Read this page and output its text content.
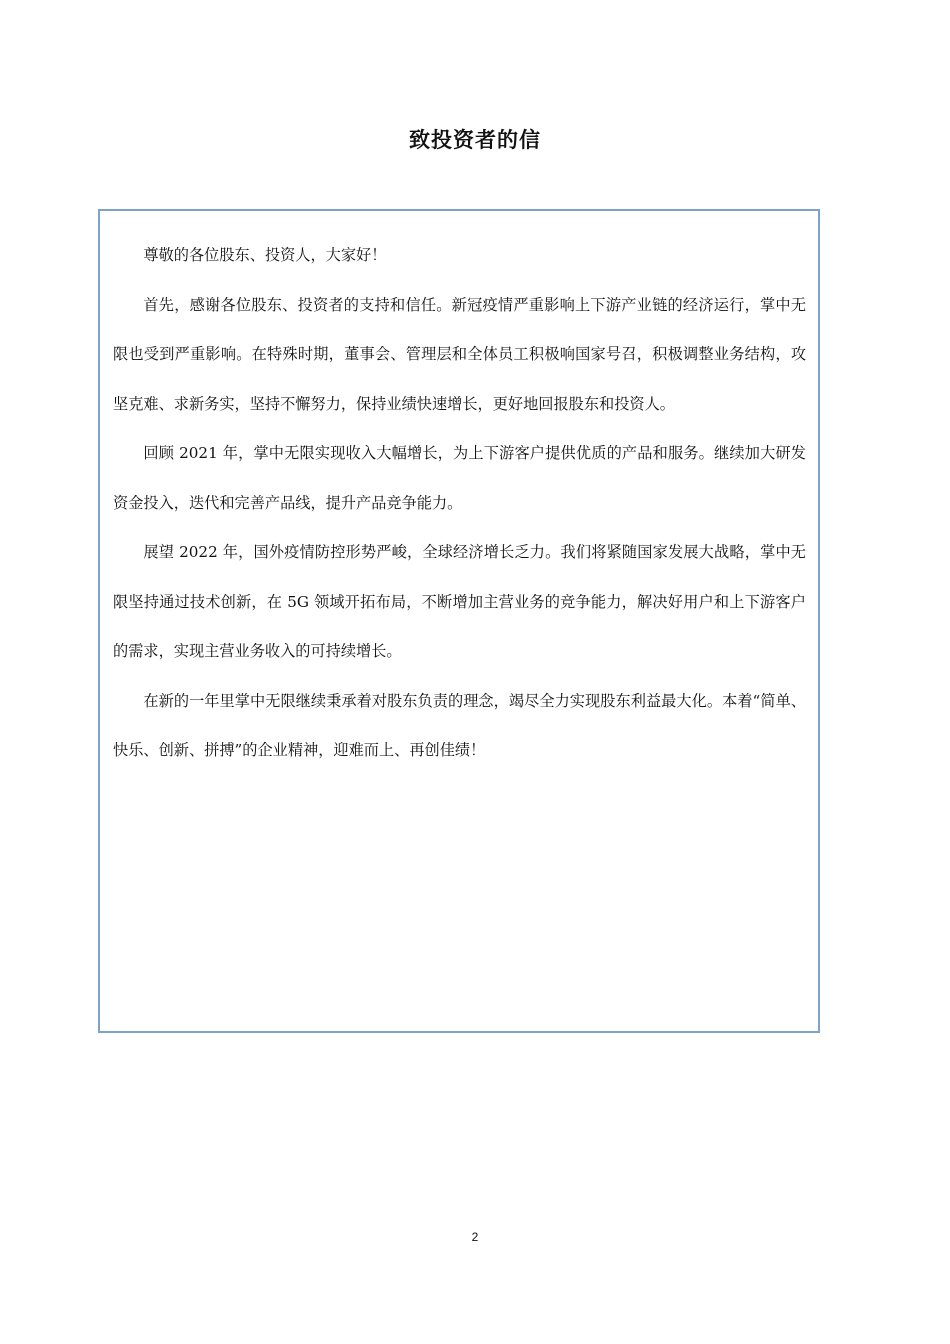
致投资者的信

尊敬的各位股东、投资人，大家好！

首先，感谢各位股东、投资者的支持和信任。新冠疫情严重影响上下游产业链的经济运行，掌中无限也受到严重影响。在特殊时期，董事会、管理层和全体员工积极响国家号召，积极调整业务结构，攻坚克难、求新务实，坚持不懈努力，保持业绩快速增长，更好地回报股东和投资人。

回顾 2021 年，掌中无限实现收入大幅增长，为上下游客户提供优质的产品和服务。继续加大研发资金投入，迭代和完善产品线，提升产品竞争能力。

展望 2022 年，国外疫情防控形势严峻，全球经济增长乏力。我们将紧随国家发展大战略，掌中无限坚持通过技术创新，在 5G 领域开拓布局，不断增加主营业务的竞争能力，解决好用户和上下游客户的需求，实现主营业务收入的可持续增长。

在新的一年里掌中无限继续秉承着对股东负责的理念，竭尽全力实现股东利益最大化。本着“简单、快乐、创新、拼搏”的企业精神，迎难而上、再创佳绩！

2
